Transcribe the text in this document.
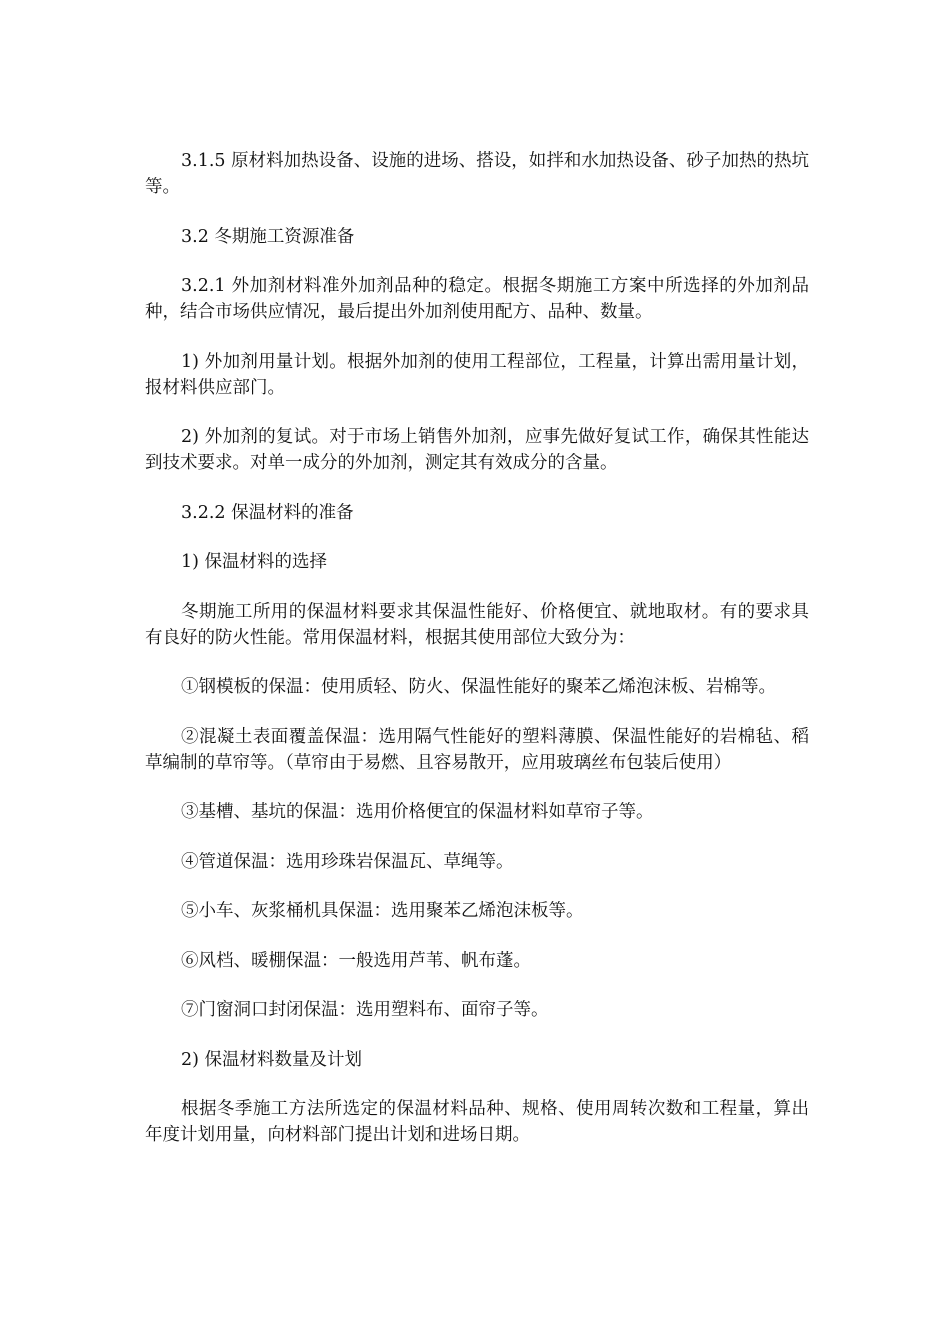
3.1.5 原材料加热设备、设施的进场、搭设，如拌和水加热设备、砂子加热的热坑等。

3.2 冬期施工资源准备

3.2.1 外加剂材料准外加剂品种的稳定。根据冬期施工方案中所选择的外加剂品种，结合市场供应情况，最后提出外加剂使用配方、品种、数量。

1) 外加剂用量计划。根据外加剂的使用工程部位，工程量，计算出需用量计划，报材料供应部门。

2) 外加剂的复试。对于市场上销售外加剂，应事先做好复试工作，确保其性能达到技术要求。对单一成分的外加剂，测定其有效成分的含量。

3.2.2 保温材料的准备

1) 保温材料的选择

冬期施工所用的保温材料要求其保温性能好、价格便宜、就地取材。有的要求具有良好的防火性能。常用保温材料，根据其使用部位大致分为：

①钢模板的保温：使用质轻、防火、保温性能好的聚苯乙烯泡沫板、岩棉等。

②混凝土表面覆盖保温：选用隔气性能好的塑料薄膜、保温性能好的岩棉毡、稻草编制的草帘等。（草帘由于易燃、且容易散开，应用玻璃丝布包装后使用）

③基槽、基坑的保温：选用价格便宜的保温材料如草帘子等。

④管道保温：选用珍珠岩保温瓦、草绳等。

⑤小车、灰浆桶机具保温：选用聚苯乙烯泡沫板等。

⑥风档、暖棚保温：一般选用芦苇、帆布蓬。

⑦门窗洞口封闭保温：选用塑料布、面帘子等。

2) 保温材料数量及计划

根据冬季施工方法所选定的保温材料品种、规格、使用周转次数和工程量，算出年度计划用量，向材料部门提出计划和进场日期。
